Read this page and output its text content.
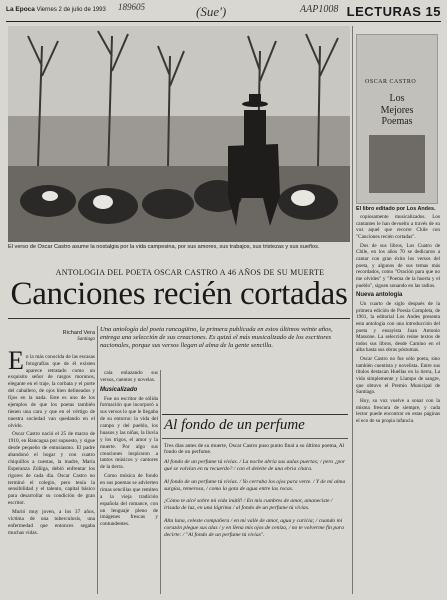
La Epoca Viernes 2 de julio de 1993 189605	(Sue')	AAP1008 LECTURAS 15
El verso de Oscar Castro asume la nostalgia por la vida campesina, por sus amores, sus trabajos, sus tristezas y sus sueños.
OSCAR CASTRO
Los
Mejores
Poemas
El libro editado por Los Andes.

copiosamente musicalizados. Los cantantes le han devuelto a través de su voz aquel que recorre Chile con "Canciones recién cortadas".

Dos de sus libros, Los Cuatro de Chile, en los años 70 se dedicaron a cantar con gran éxito los versos del poeta, y algunos de sus temas más recordados, como "Oración para que no me olvides" y "Poema de la huerta y el pueblo", siguen sonando en las radios.

Nueva antología

Un cuarto de siglo después de la primera edición de Poesía Completa, de 1961, la editorial Los Andes presenta esta antología con una introducción del poeta y ensayista Juan Antonio Massone. La selección reúne textos de todos sus libros, desde Camino en el alba hasta sus obras póstumas.

Oscar Castro no fue sólo poeta, sino también cuentista y novelista. Entre sus títulos destacan Huellas en la tierra, La vida simplemente y Llampo de sangre, que obtuvo el Premio Municipal de Santiago.

Hoy, su voz vuelve a sonar con la misma frescura de siempre, y cada lector puede encontrar en estas páginas el eco de su propia infancia.

ANTOLOGIA DEL POETA OSCAR CASTRO A 46 AÑOS DE SU MUERTE
Canciones recién cortadas
Richard Vera
Santiago
E n la más conocida de las escasas fotografías que de él existen aparece retratado como un exquisito señor de rasgos morunos, elegante en el traje, la corbata y el porte del caballero, de ojos bien delineados y fijos en la nada. Este es uno de los ejemplos de que los poetas también tienen una cara y que en el vértigo de nuestra sociedad van quedando en el olvido.

Oscar Castro nació el 25 de marzo de 1910, en Rancagua por supuesto, y sigue desde pequeño de entusiasmo. El padre abandonó el hogar y con cuatro chiquillos a cuestas, la madre, María Esperanza Zúñiga, debió enfrentar los rigores de cada día. Oscar Castro no terminó el colegio, pero tenía la sensibilidad y el talento, capital básico para desarrollar su condición de gran escritor.

Murió muy joven, a los 37 años, víctima de una tuberculosis, una enfermedad que entonces segaba muchas vidas.

Una antología del poeta rancagüino, la primera publicada en estos últimos veinte años, entrega una selección de sus creaciones. Es quizá el más musicalizado de los escritores nacionales, porque sus versos llegan al alma de la gente sencilla.

caía enlazando sus versos, cuentos y novelas.

Musicalizado

Fue un escritor de sólida formación que incorporó a sus versos lo que le llegaba de su entorno: la vida del campo y del pueblo, los huasos y las niñas, la lluvia y los trigos, el amor y la muerte. Por algo sus creaciones inspiraron a tantos músicos y cantores de la tierra.

Como música de fondo en sus poemas se advierten rimas sencillas que remiten a la vieja tradición española del romance, con un lenguaje pleno de imágenes frescas y contundentes.

Al fondo de un perfume
Tres días antes de su muerte, Oscar Castro puso punto final a su último poema, Al fondo de un perfume.
Al fondo de un perfume tú vivías. / La noche abría sus aulas puertas; / pero ¿por qué se volvían en tu recuerdo? / con el deleite de una ebria cítara.
Al fondo de un perfume tú vivías. / Yo cerraba los ojos para verte. / Y de mí alma surgías, temerosa, / como la gota de agua entre las rocas.
¡Cómo te alcé sobre mi vida inútil! / En mis cumbres de amor, amaneciste / irisada de luz, en una lágrima / al fondo de un perfume tú vivías.
Alta luna, celeste compañera / en mi valle de amor, agua y caricia; / cuando mi corazón plegue sus alas / y en llena mis ojos de ceniza, / no te volverme fin para decirte: / "Al fondo de un perfume tú vivías".
